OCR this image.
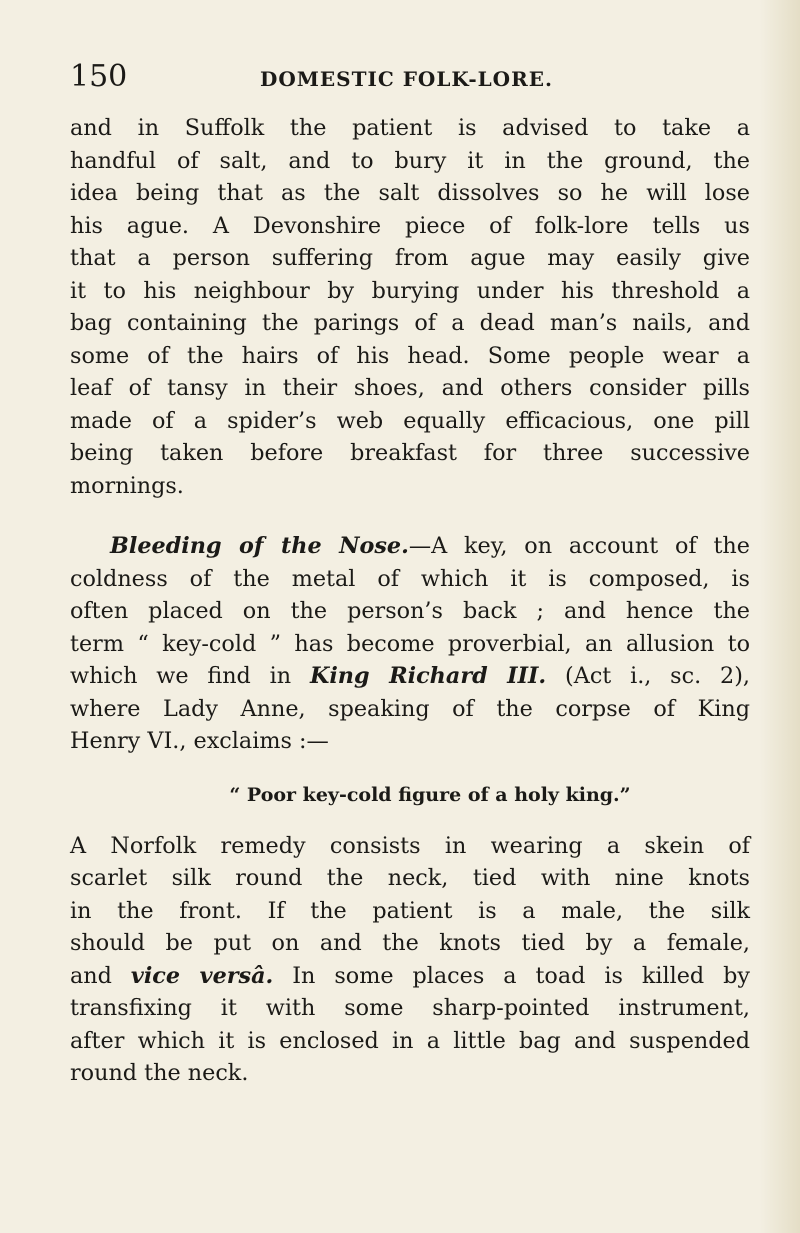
150	DOMESTIC FOLK-LORE.

and in Suffolk the patient is advised to take a
handful of salt, and to bury it in the ground, the
idea being that as the salt dissolves so he will lose
his ague. A Devonshire piece of folk-lore tells us
that a person suffering from ague may easily give
it to his neighbour by burying under his threshold a
bag containing the parings of a dead man’s nails, and
some of the hairs of his head. Some people wear a
leaf of tansy in their shoes, and others consider pills
made of a spider’s web equally efficacious, one pill
being taken before breakfast for three successive
mornings.

Bleeding of the Nose.—A key, on account of the
coldness of the metal of which it is composed, is
often placed on the person’s back ; and hence the
term “ key-cold ” has become proverbial, an allusion to
which we find in King Richard III. (Act i., sc. 2),
where Lady Anne, speaking of the corpse of King
Henry VI., exclaims :—

“ Poor key-cold figure of a holy king.”

A Norfolk remedy consists in wearing a skein of
scarlet silk round the neck, tied with nine knots
in the front. If the patient is a male, the silk
should be put on and the knots tied by a female,
and vice versâ. In some places a toad is killed by
transfixing it with some sharp-pointed instrument,
after which it is enclosed in a little bag and suspended
round the neck.
